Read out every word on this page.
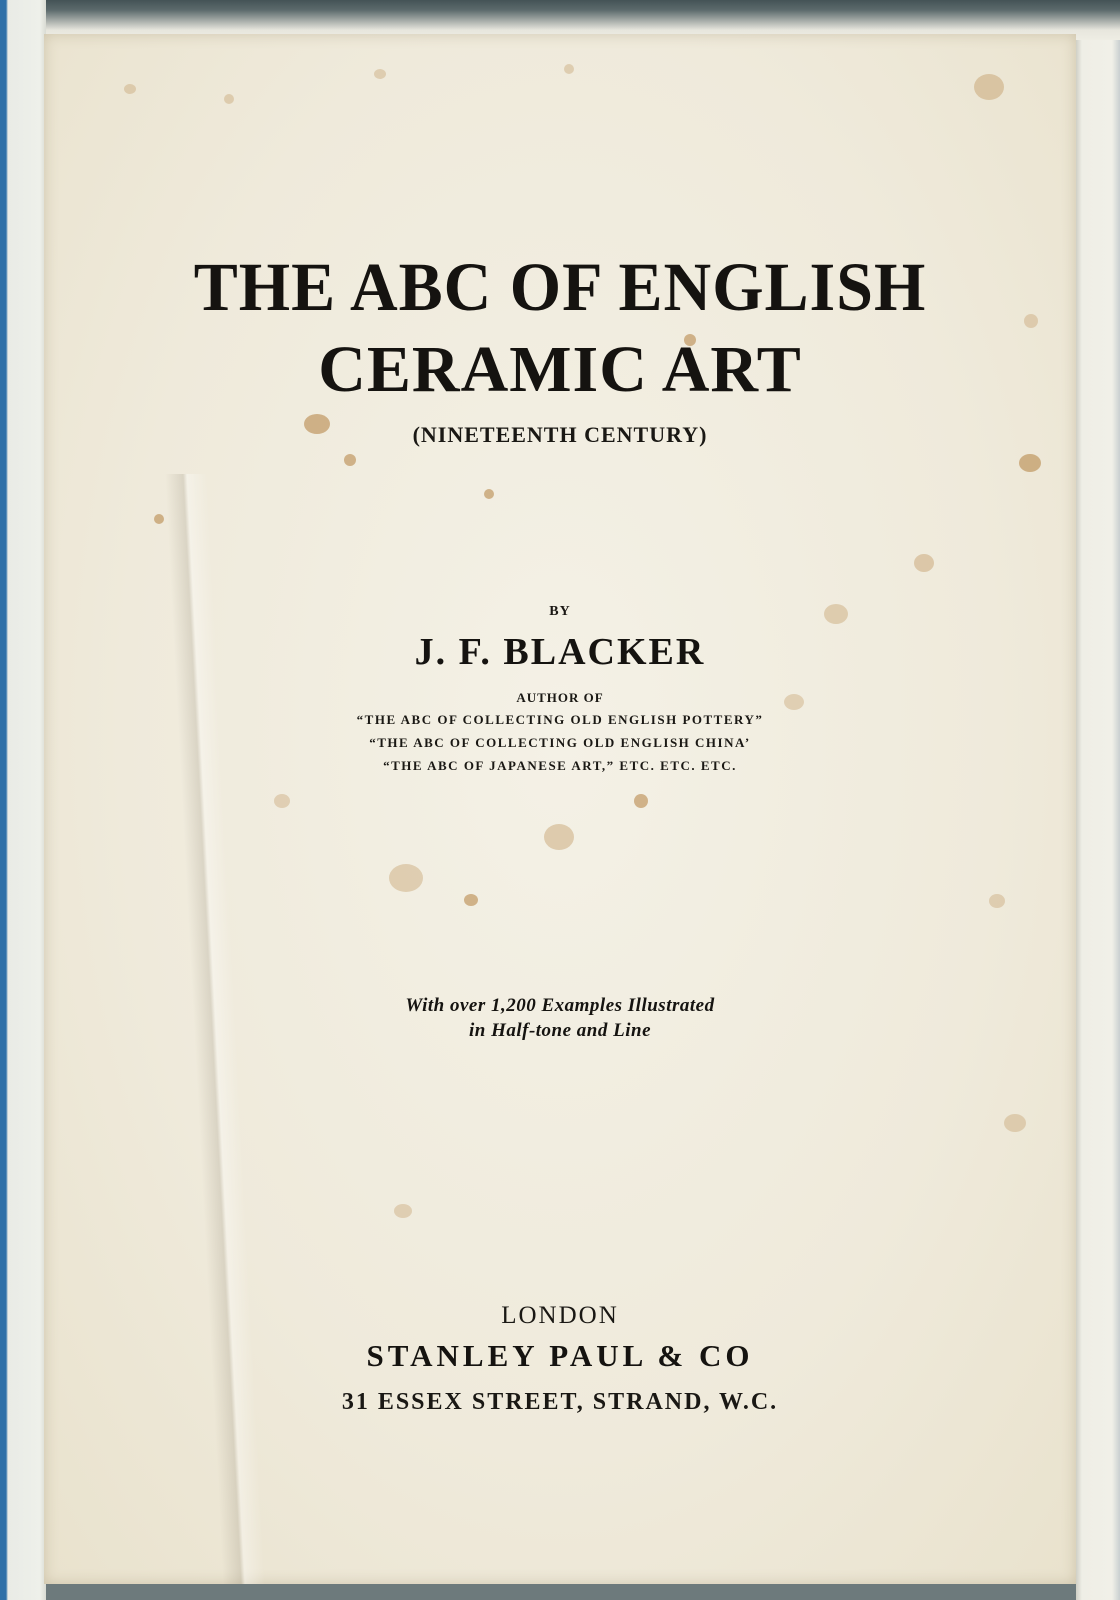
THE ABC OF ENGLISH
CERAMIC ART
(NINETEENTH CENTURY)
BY
J. F. BLACKER
AUTHOR OF
“THE ABC OF COLLECTING OLD ENGLISH POTTERY”
“THE ABC OF COLLECTING OLD ENGLISH CHINA’
“THE ABC OF JAPANESE ART,” ETC. ETC. ETC.
With over 1,200 Examples Illustrated
in Half-tone and Line
LONDON
STANLEY PAUL & CO
31 ESSEX STREET, STRAND, W.C.
